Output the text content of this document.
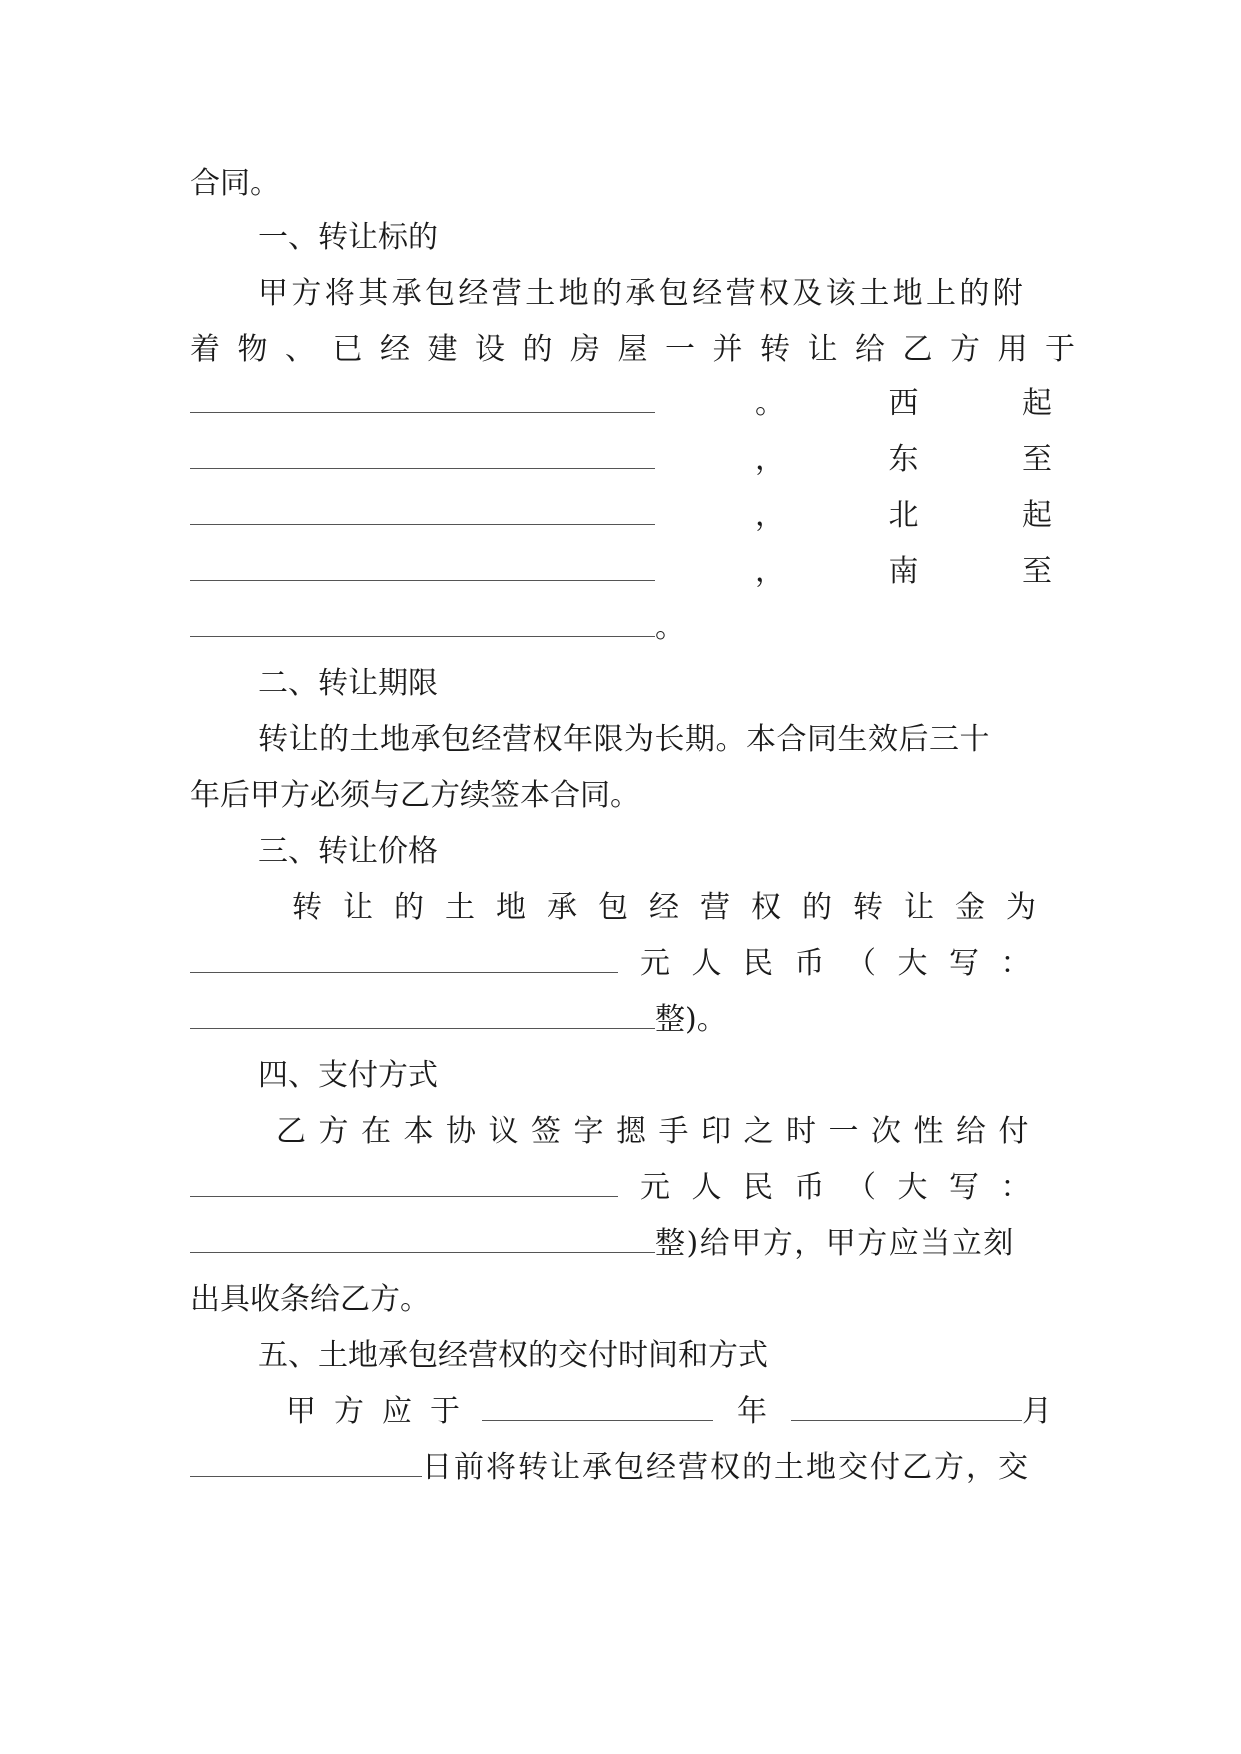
合同。
一、转让标的
甲方将其承包经营土地的承包经营权及该土地上的附
着物、已经建设的房屋一并转让给乙方用于
。	西	起
，	东	至
，	北	起
，	南	至
。
二、转让期限
转让的土地承包经营权年限为长期。本合同生效后三十
年后甲方必须与乙方续签本合同。
三、转让价格
转让的土地承包经营权的转让金为
元人民币（大写：
整)。
四、支付方式
乙方在本协议签字摁手印之时一次性给付
元人民币（大写：
整)给甲方，甲方应当立刻
出具收条给乙方。
五、土地承包经营权的交付时间和方式
甲方应于	年	月
日前将转让承包经营权的土地交付乙方，交
